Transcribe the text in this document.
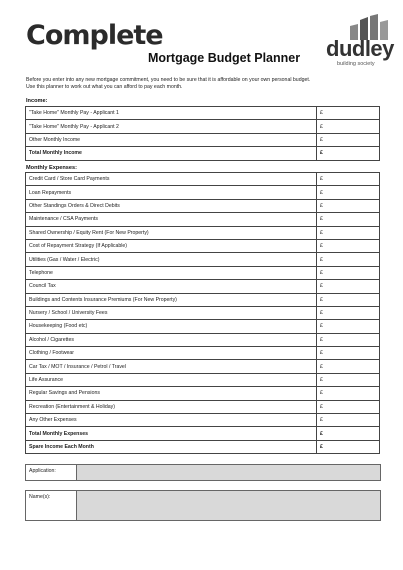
Complete
Mortgage Budget Planner dudley
building society
Before you enter into any new mortgage commitment, you need to be sure that it is affordable on your own personal budget.
Use this planner to work out what you can afford to pay each month.
Income:
"Take Home" Monthly Pay - Applicant 1	£
"Take Home" Monthly Pay - Applicant 2	£
Other Monthly Income	£
Total Monthly Income	£
Monthly Expenses:
Credit Card / Store Card Payments	£
Loan Repayments	£
Other Standings Orders & Direct Debits	£
Maintenance / CSA Payments	£
Shared Ownership / Equity Rent (For New Property)	£
Cost of Repayment Strategy (If Applicable)	£
Utilities (Gas / Water / Electric)	£
Telephone	£
Council Tax	£
Buildings and Contents Insurance Premiums (For New Property)	£
Nursery / School / University Fees	£
Housekeeping (Food etc)	£
Alcohol / Cigarettes	£
Clothing / Footwear	£
Car Tax / MOT / Insurance / Petrol / Travel	£
Life Assurance	£
Regular Savings and Pensions	£
Recreation (Entertainment & Holiday)	£
Any Other Expenses	£
Total Monthly Expenses	£
Spare Income Each Month	£
Application:
Name(s):
